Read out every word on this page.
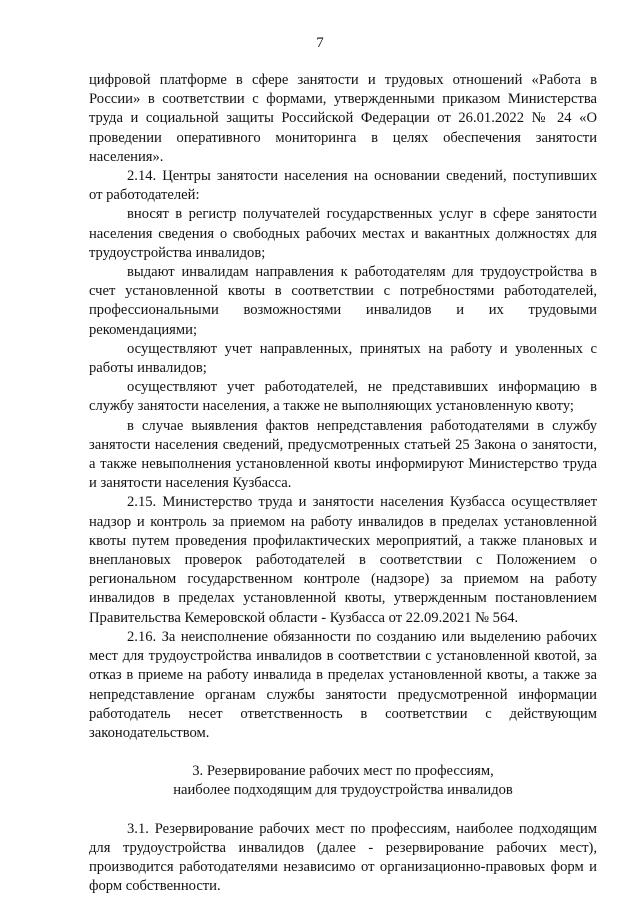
7

цифровой платформе в сфере занятости и трудовых отношений «Работа в России» в соответствии с формами, утвержденными приказом Министерства труда и социальной защиты Российской Федерации от 26.01.2022 № 24 «О проведении оперативного мониторинга в целях обеспечения занятости населения».

2.14. Центры занятости населения на основании сведений, поступивших от работодателей:

вносят в регистр получателей государственных услуг в сфере занятости населения сведения о свободных рабочих местах и вакантных должностях для трудоустройства инвалидов;

выдают инвалидам направления к работодателям для трудоустройства в счет установленной квоты в соответствии с потребностями работодателей, профессиональными возможностями инвалидов и их трудовыми рекомендациями;

осуществляют учет направленных, принятых на работу и уволенных с работы инвалидов;

осуществляют учет работодателей, не представивших информацию в службу занятости населения, а также не выполняющих установленную квоту;

в случае выявления фактов непредставления работодателями в службу занятости населения сведений, предусмотренных статьей 25 Закона о занятости, а также невыполнения установленной квоты информируют Министерство труда и занятости населения Кузбасса.

2.15. Министерство труда и занятости населения Кузбасса осуществляет надзор и контроль за приемом на работу инвалидов в пределах установленной квоты путем проведения профилактических мероприятий, а также плановых и внеплановых проверок работодателей в соответствии с Положением о региональном государственном контроле (надзоре) за приемом на работу инвалидов в пределах установленной квоты, утвержденным постановлением Правительства Кемеровской области - Кузбасса от 22.09.2021 № 564.

2.16. За неисполнение обязанности по созданию или выделению рабочих мест для трудоустройства инвалидов в соответствии с установленной квотой, за отказ в приеме на работу инвалида в пределах установленной квоты, а также за непредставление органам службы занятости предусмотренной информации работодатель несет ответственность в соответствии с действующим законодательством.

3. Резервирование рабочих мест по профессиям,
наиболее подходящим для трудоустройства инвалидов

3.1. Резервирование рабочих мест по профессиям, наиболее подходящим для трудоустройства инвалидов (далее - резервирование рабочих мест), производится работодателями независимо от организационно-правовых форм и форм собственности.
